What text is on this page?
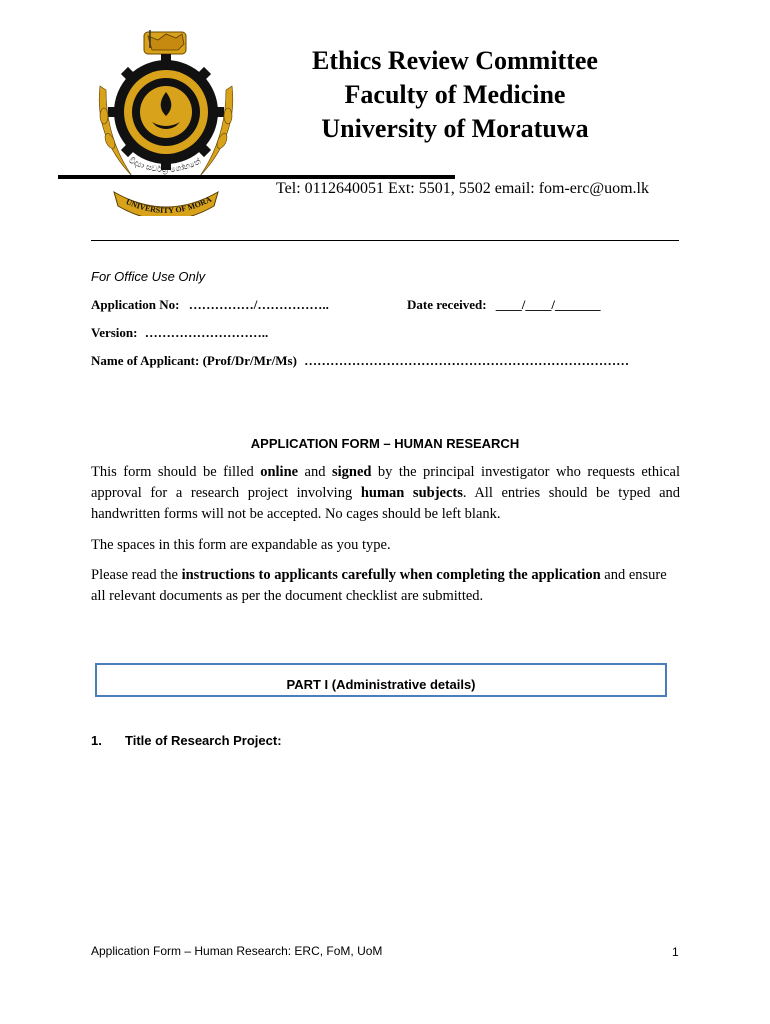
විද්‍යා සර්වත්‍ර ශෝභතේ
UNIVERSITY OF MORA
Ethics Review Committee
Faculty of Medicine
University of Moratuwa
Tel: 0112640051 Ext: 5501, 5502 email: fom-erc@uom.lk
For Office Use Only
Application No: ……………/……………..	Date received: ____/____/_______
Version: ………………………..
Name of Applicant: (Prof/Dr/Mr/Ms) …………………………………………………………………
APPLICATION FORM – HUMAN RESEARCH
This form should be filled online and signed by the principal investigator who requests ethical approval for a research project involving human subjects. All entries should be typed and handwritten forms will not be accepted. No cages should be left blank.
The spaces in this form are expandable as you type.
Please read the instructions to applicants carefully when completing the application and ensure all relevant documents as per the document checklist are submitted.
PART I (Administrative details)
1. Title of Research Project:
Application Form – Human Research: ERC, FoM, UoM	1
